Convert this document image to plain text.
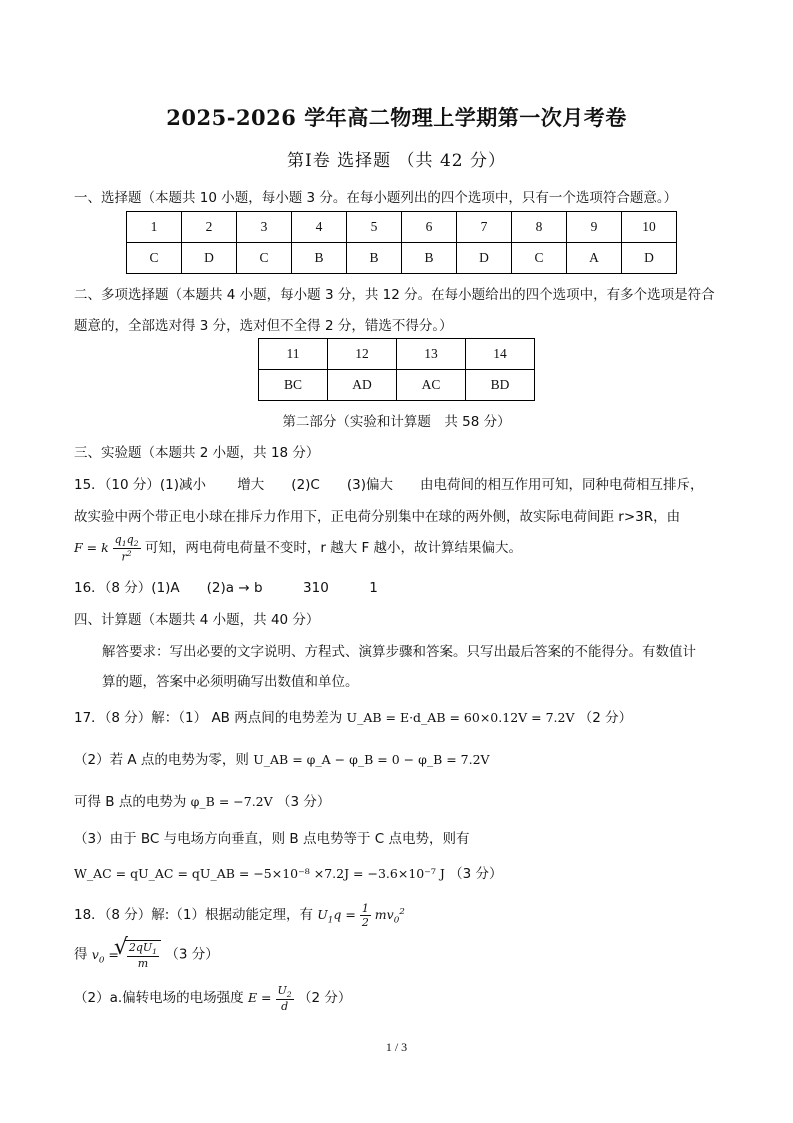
2025-2026 学年高二物理上学期第一次月考卷
第Ⅰ卷 选择题 （共 42 分）
一、选择题（本题共 10 小题，每小题 3 分。在每小题列出的四个选项中，只有一个选项符合题意。）
1	2	3	4	5	6	7	8	9	10
C	D	C	B	B	B	D	C	A	D
二、多项选择题（本题共 4 小题，每小题 3 分，共 12 分。在每小题给出的四个选项中，有多个选项是符合
题意的，全部选对得 3 分，选对但不全得 2 分，错选不得分。）
11	12	13	14
BC	AD	AC	BD
第二部分（实验和计算题　共 58 分）
三、实验题（本题共 2 小题，共 18 分）
15．（10 分）(1)减小　　 增大　　(2)C　　(3)偏大　　由电荷间的相互作用可知，同种电荷相互排斥，
故实验中两个带正电小球在排斥力作用下，正电荷分别集中在球的两外侧，故实际电荷间距 r>3R，由
F = k $\frac{q_1q_2}{r^2}$ 可知，两电荷电荷量不变时，r 越大 F 越小，故计算结果偏大。
16．（8 分）(1)A　　(2)a → b　　　310　　　1
四、计算题（本题共 4 小题，共 40 分）
解答要求：写出必要的文字说明、方程式、演算步骤和答案。只写出最后答案的不能得分。有数值计
算的题，答案中必须明确写出数值和单位。
17．（8 分）解：（1） AB 两点间的电势差为 U_AB = E·d_AB = 60×0.12V = 7.2V （2 分）
（2）若 A 点的电势为零，则 U_AB = φ_A − φ_B = 0 − φ_B = 7.2V
可得 B 点的电势为 φ_B = −7.2V （3 分）
（3）由于 BC 与电场方向垂直，则 B 点电势等于 C 点电势，则有
W_AC = qU_AC = qU_AB = −5×10⁻⁸ ×7.2J = −3.6×10⁻⁷ J （3 分）
18．（8 分）解:（1）根据动能定理，有 $U_1q = \frac{1}{2} mv_0^2$
得 $v_0$ = √ $\frac{2qU_1}{m} (3$ 分）
（2）a.偏转电场的电场强度 $E = \frac{U_2}{d} (2$ 分）
1 / 3
